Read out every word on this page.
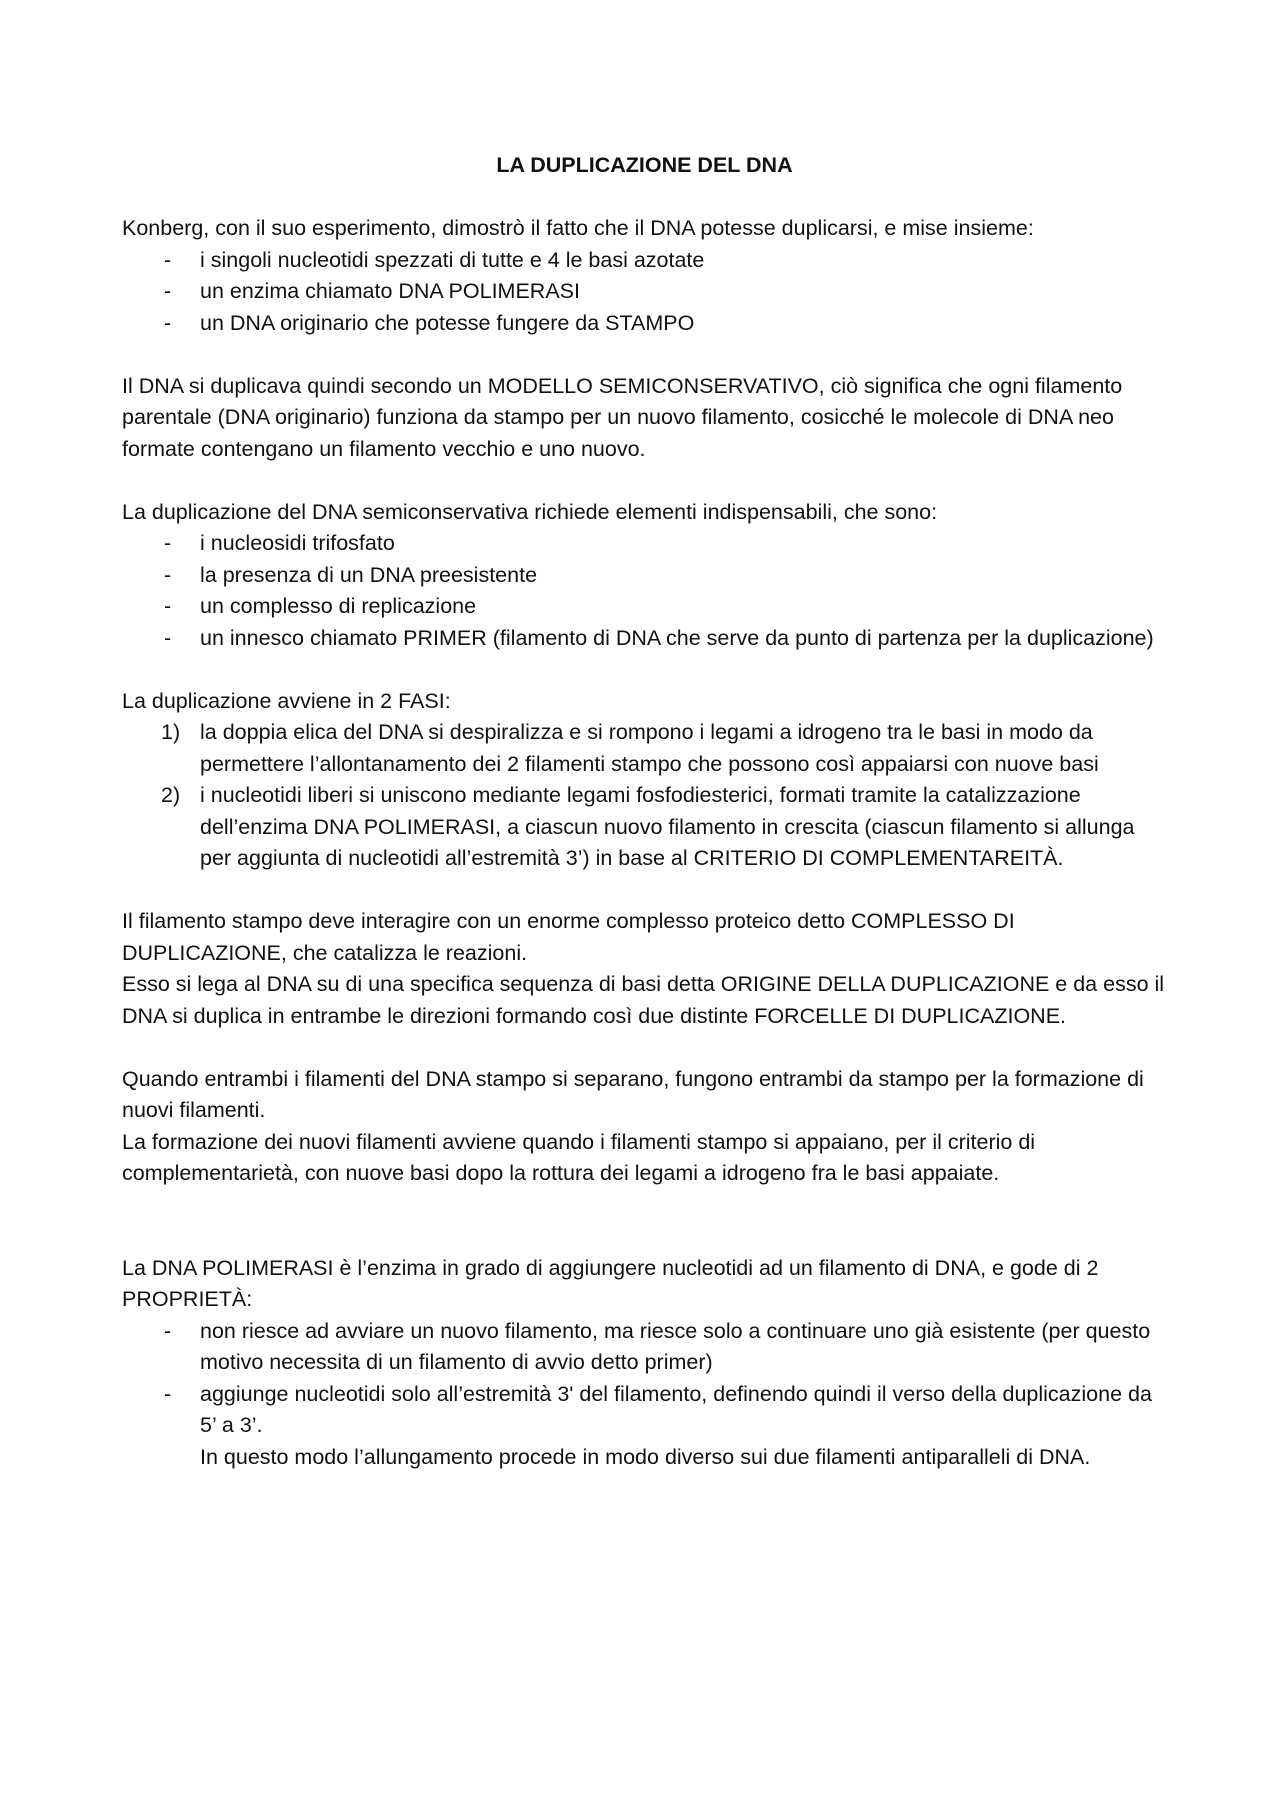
LA DUPLICAZIONE DEL DNA

Konberg, con il suo esperimento, dimostrò il fatto che il DNA potesse duplicarsi, e mise insieme:

- i singoli nucleotidi spezzati di tutte e 4 le basi azotate
- un enzima chiamato DNA POLIMERASI
- un DNA originario che potesse fungere da STAMPO

Il DNA si duplicava quindi secondo un MODELLO SEMICONSERVATIVO, ciò significa che ogni filamento parentale (DNA originario) funziona da stampo per un nuovo filamento, cosicché le molecole di DNA neo formate contengano un filamento vecchio e uno nuovo.

La duplicazione del DNA semiconservativa richiede elementi indispensabili, che sono:

- i nucleosidi trifosfato
- la presenza di un DNA preesistente
- un complesso di replicazione
- un innesco chiamato PRIMER (filamento di DNA che serve da punto di partenza per la duplicazione)

La duplicazione avviene in 2 FASI:

1) la doppia elica del DNA si despiralizza e si rompono i legami a idrogeno tra le basi in modo da permettere l’allontanamento dei 2 filamenti stampo che possono così appaiarsi con nuove basi
2) i nucleotidi liberi si uniscono mediante legami fosfodiesterici, formati tramite la catalizzazione dell’enzima DNA POLIMERASI, a ciascun nuovo filamento in crescita (ciascun filamento si allunga per aggiunta di nucleotidi all’estremità 3’) in base al CRITERIO DI COMPLEMENTAREITÀ.

Il filamento stampo deve interagire con un enorme complesso proteico detto COMPLESSO DI DUPLICAZIONE, che catalizza le reazioni.

Esso si lega al DNA su di una specifica sequenza di basi detta ORIGINE DELLA DUPLICAZIONE e da esso il DNA si duplica in entrambe le direzioni formando così due distinte FORCELLE DI DUPLICAZIONE.

Quando entrambi i filamenti del DNA stampo si separano, fungono entrambi da stampo per la formazione di nuovi filamenti.

La formazione dei nuovi filamenti avviene quando i filamenti stampo si appaiano, per il criterio di complementarietà, con nuove basi dopo la rottura dei legami a idrogeno fra le basi appaiate.

La DNA POLIMERASI è l’enzima in grado di aggiungere nucleotidi ad un filamento di DNA, e gode di 2 PROPRIETÀ:

- non riesce ad avviare un nuovo filamento, ma riesce solo a continuare uno già esistente (per questo motivo necessita di un filamento di avvio detto primer)
- aggiunge nucleotidi solo all’estremità 3' del filamento, definendo quindi il verso della duplicazione da 5’ a 3’.

In questo modo l’allungamento procede in modo diverso sui due filamenti antiparalleli di DNA.
